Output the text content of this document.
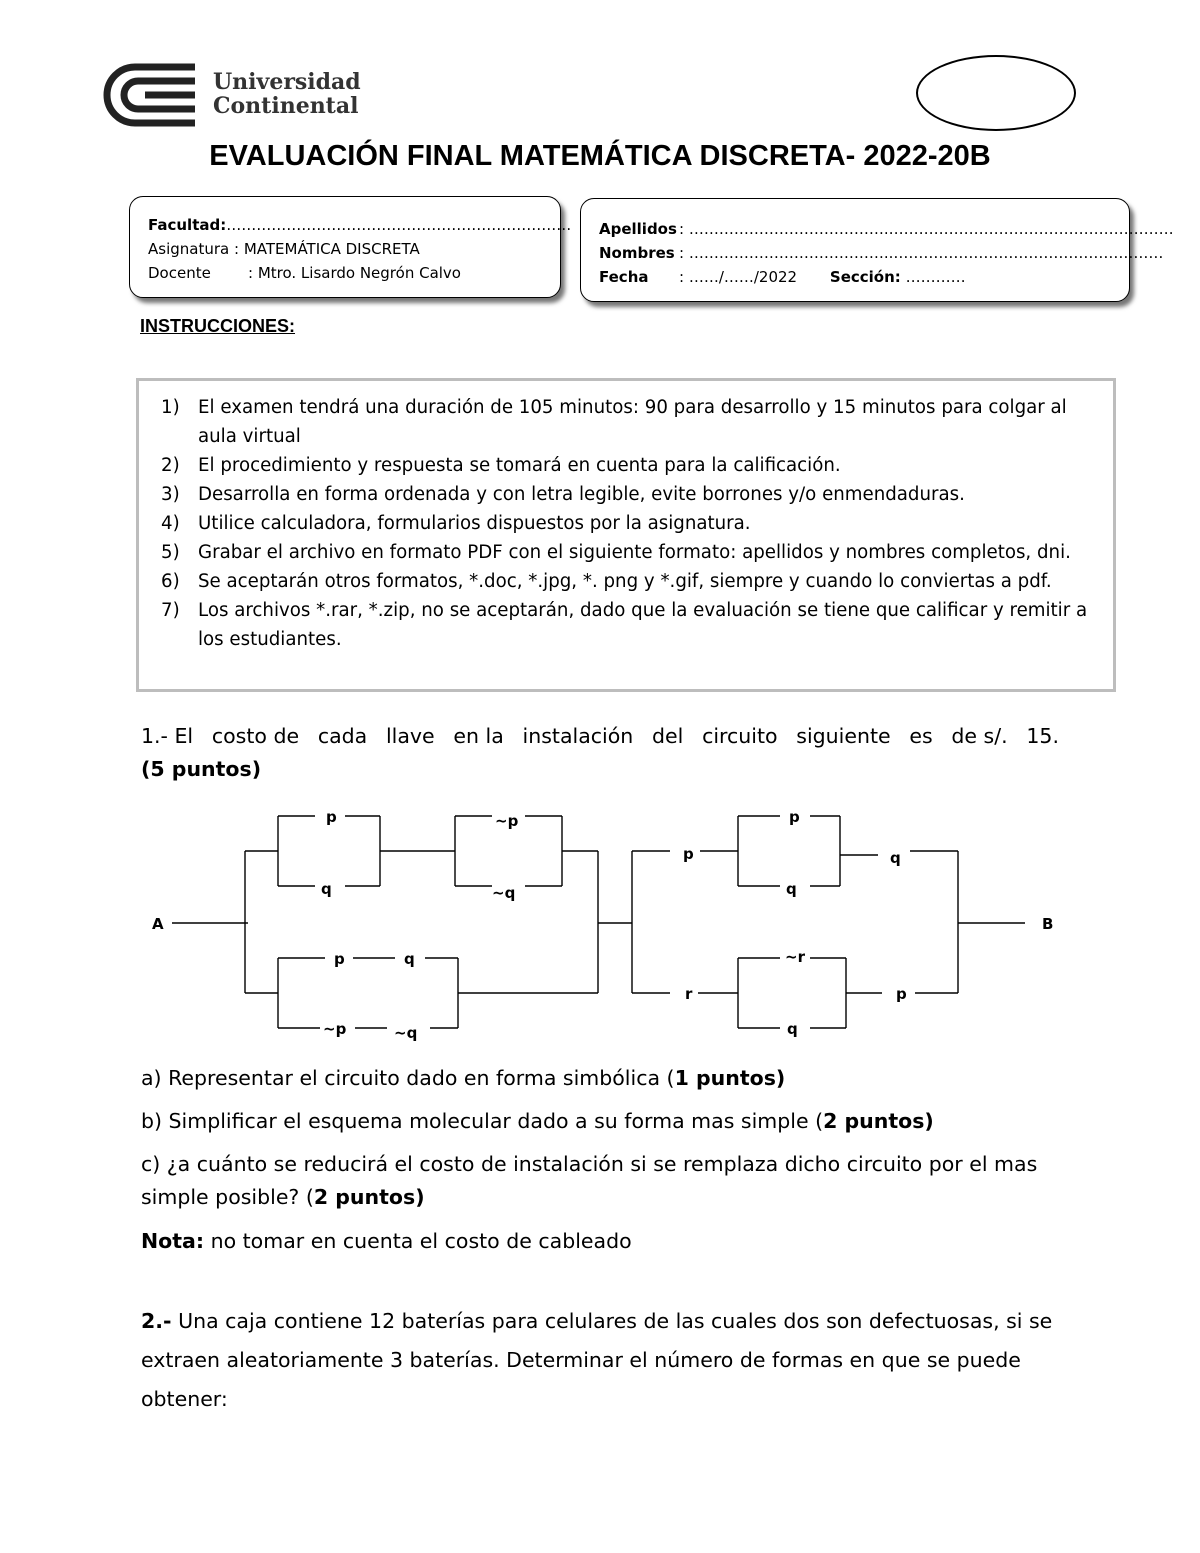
Universidad
Continental
EVALUACIÓN FINAL MATEMÁTICA DISCRETA- 2022-20B
Facultad:……………………………………………………………
Asignatura : MATEMÁTICA DISCRETA
Docente : Mtro. Lisardo Negrón Calvo
Apellidos : ………………………………….…………………………………………………
Nombres : …………………………………..………………………………………………
Fecha : ……/……/2022 Sección: …………
INSTRUCCIONES:
1)	El examen tendrá una duración de 105 minutos: 90 para desarrollo y 15 minutos para colgar al aula virtual
2)	El procedimiento y respuesta se tomará en cuenta para la calificación.
3)	Desarrolla en forma ordenada y con letra legible, evite borrones y/o enmendaduras.
4)	Utilice calculadora, formularios dispuestos por la asignatura.
5)	Grabar el archivo en formato PDF con el siguiente formato: apellidos y nombres completos, dni.
6)	Se aceptarán otros formatos, *.doc, *.jpg, *. png y *.gif, siempre y cuando lo conviertas a pdf.
7)	Los archivos *.rar, *.zip, no se aceptarán, dado que la evaluación se tiene que calificar y remitir a los estudiantes.
1.- El costo de cada llave en la instalación del circuito siguiente es de s/. 15.
(5 puntos)
A	B
p
q
~p
~q
p	q
~p	~q
p
p
q
q
r
~r
q
p
a) Representar el circuito dado en forma simbólica (1 puntos)
b) Simplificar el esquema molecular dado a su forma mas simple (2 puntos)
c) ¿a cuánto se reducirá el costo de instalación si se remplaza dicho circuito por el mas simple posible? (2 puntos)
Nota: no tomar en cuenta el costo de cableado
2.- Una caja contiene 12 baterías para celulares de las cuales dos son defectuosas, si se extraen aleatoriamente 3 baterías. Determinar el número de formas en que se puede obtener:
